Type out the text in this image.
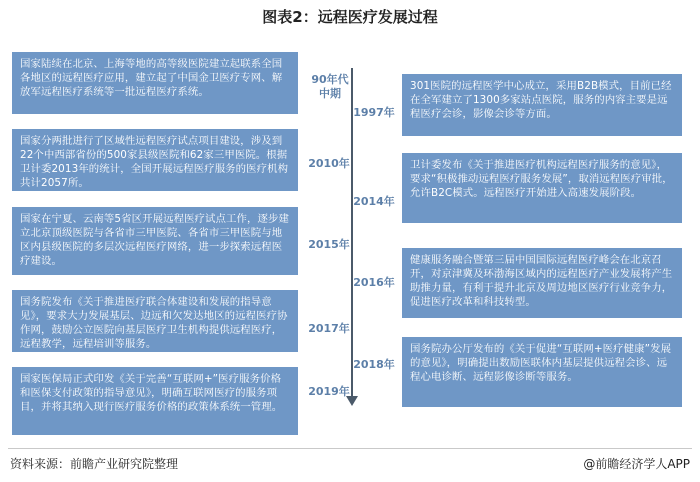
图表2：远程医疗发展过程
国家陆续在北京、上海等地的高等级医院建立起联系全国各地区的远程医疗应用，建立起了中国金卫医疗专网、解放军远程医疗系统等一批远程医疗系统。
国家分两批进行了区域性远程医疗试点项目建设，涉及到22个中西部省份的500家县级医院和62家三甲医院。根据卫计委2013年的统计，全国开展远程医疗服务的医疗机构共计2057所。
国家在宁夏、云南等5省区开展远程医疗试点工作，逐步建立北京顶级医院与各省市三甲医院、各省市三甲医院与地区内县级医院的多层次远程医疗网络，进一步探索远程医疗建设。
国务院发布《关于推进医疗联合体建设和发展的指导意见》，要求大力发展基层、边远和欠发达地区的远程医疗协作网，鼓励公立医院向基层医疗卫生机构提供远程医疗，远程教学，远程培训等服务。
国家医保局正式印发《关于完善“互联网+”医疗服务价格和医保支付政策的指导意见》，明确互联网医疗的服务项目，并将其纳入现行医疗服务价格的政策体系统一管理。
90年代中期
2010年
2015年
2017年
2019年
301医院的远程医学中心成立，采用B2B模式，目前已经在全军建立了1300多家站点医院，服务的内容主要是远程医疗会诊，影像会诊等方面。
卫计委发布《关于推进医疗机构远程医疗服务的意见》，要求“积极推动远程医疗服务发展”，取消远程医疗审批，允许B2C模式。远程医疗开始进入高速发展阶段。
健康服务融合暨第三届中国国际远程医疗峰会在北京召开，对京津冀及环渤海区域内的远程医疗产业发展将产生助推力量，有利于提升北京及周边地区医疗行业竞争力，促进医疗改革和科技转型。
国务院办公厅发布的《关于促进“互联网+医疗健康”发展的意见》，明确提出数励医联体内基层提供远程会诊、远程心电诊断、远程影像诊断等服务。
1997年
2014年
2016年
2018年
资料来源：前瞻产业研究院整理	@前瞻经济学人APP
